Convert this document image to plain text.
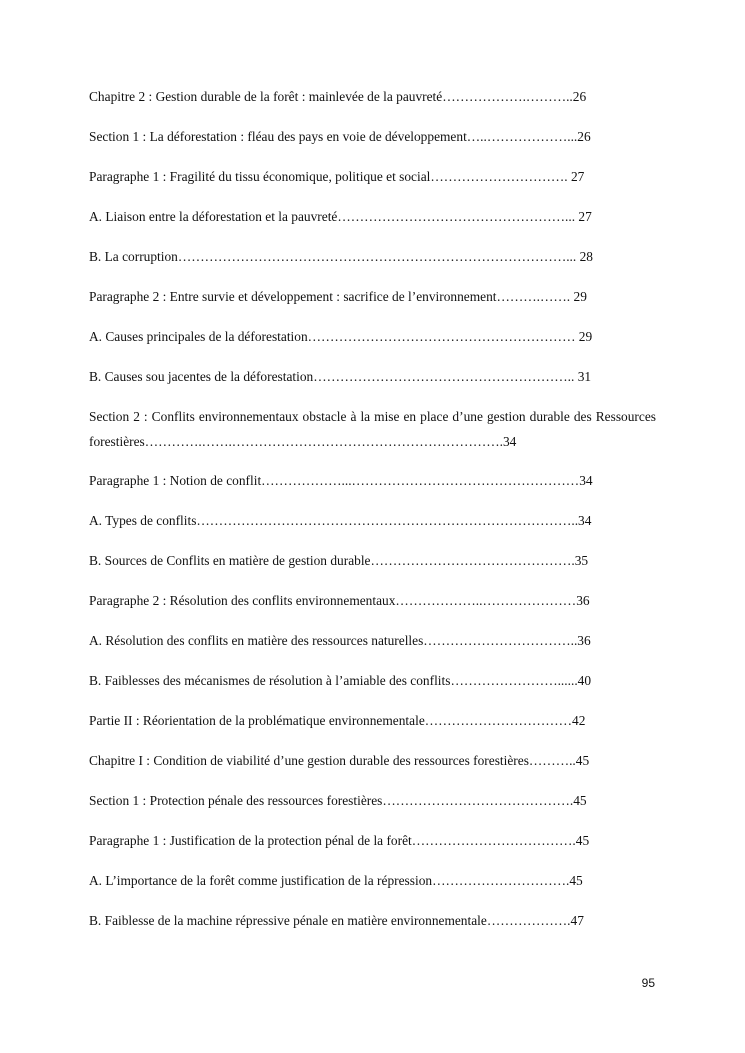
Chapitre 2 : Gestion durable de la forêt : mainlevée de la pauvreté……………….………..26

Section 1 : La déforestation : fléau des pays en voie de développement…..………………...26

Paragraphe 1 : Fragilité du tissu économique, politique et social…………………………. 27

A. Liaison entre la déforestation et la pauvreté……………………………………………... 27

B. La corruption……………………………………………………………………………... 28

Paragraphe 2 : Entre survie et développement : sacrifice de l’environnement……….……. 29

A. Causes principales de la déforestation…………………………………………………… 29

B. Causes sou jacentes de la déforestation………………………………………………….. 31

Section 2 : Conflits environnementaux obstacle à la mise en place d’une gestion durable des Ressources forestières………….…….…………………………………………………….34

Paragraphe 1 : Notion de conflit………………...……………………………………………34

A. Types de conflits…………………………………………………………………………..34

B. Sources de Conflits en matière de gestion durable……………………………………….35

Paragraphe 2 : Résolution des conflits environnementaux………………..…………………36

A. Résolution des conflits en matière des ressources naturelles……………………………..36

B. Faiblesses des mécanismes de résolution à l’amiable des conflits……………………......40

Partie II : Réorientation de la problématique environnementale……………………………42

Chapitre I : Condition de viabilité d’une gestion durable des ressources forestières………..45

Section 1 : Protection pénale des ressources forestières…………………………………….45

Paragraphe 1 : Justification de la protection pénal de la forêt……………………………….45

A. L’importance de la forêt comme justification de la répression………………………….45

B. Faiblesse de la machine répressive pénale en matière environnementale……………….47

95
